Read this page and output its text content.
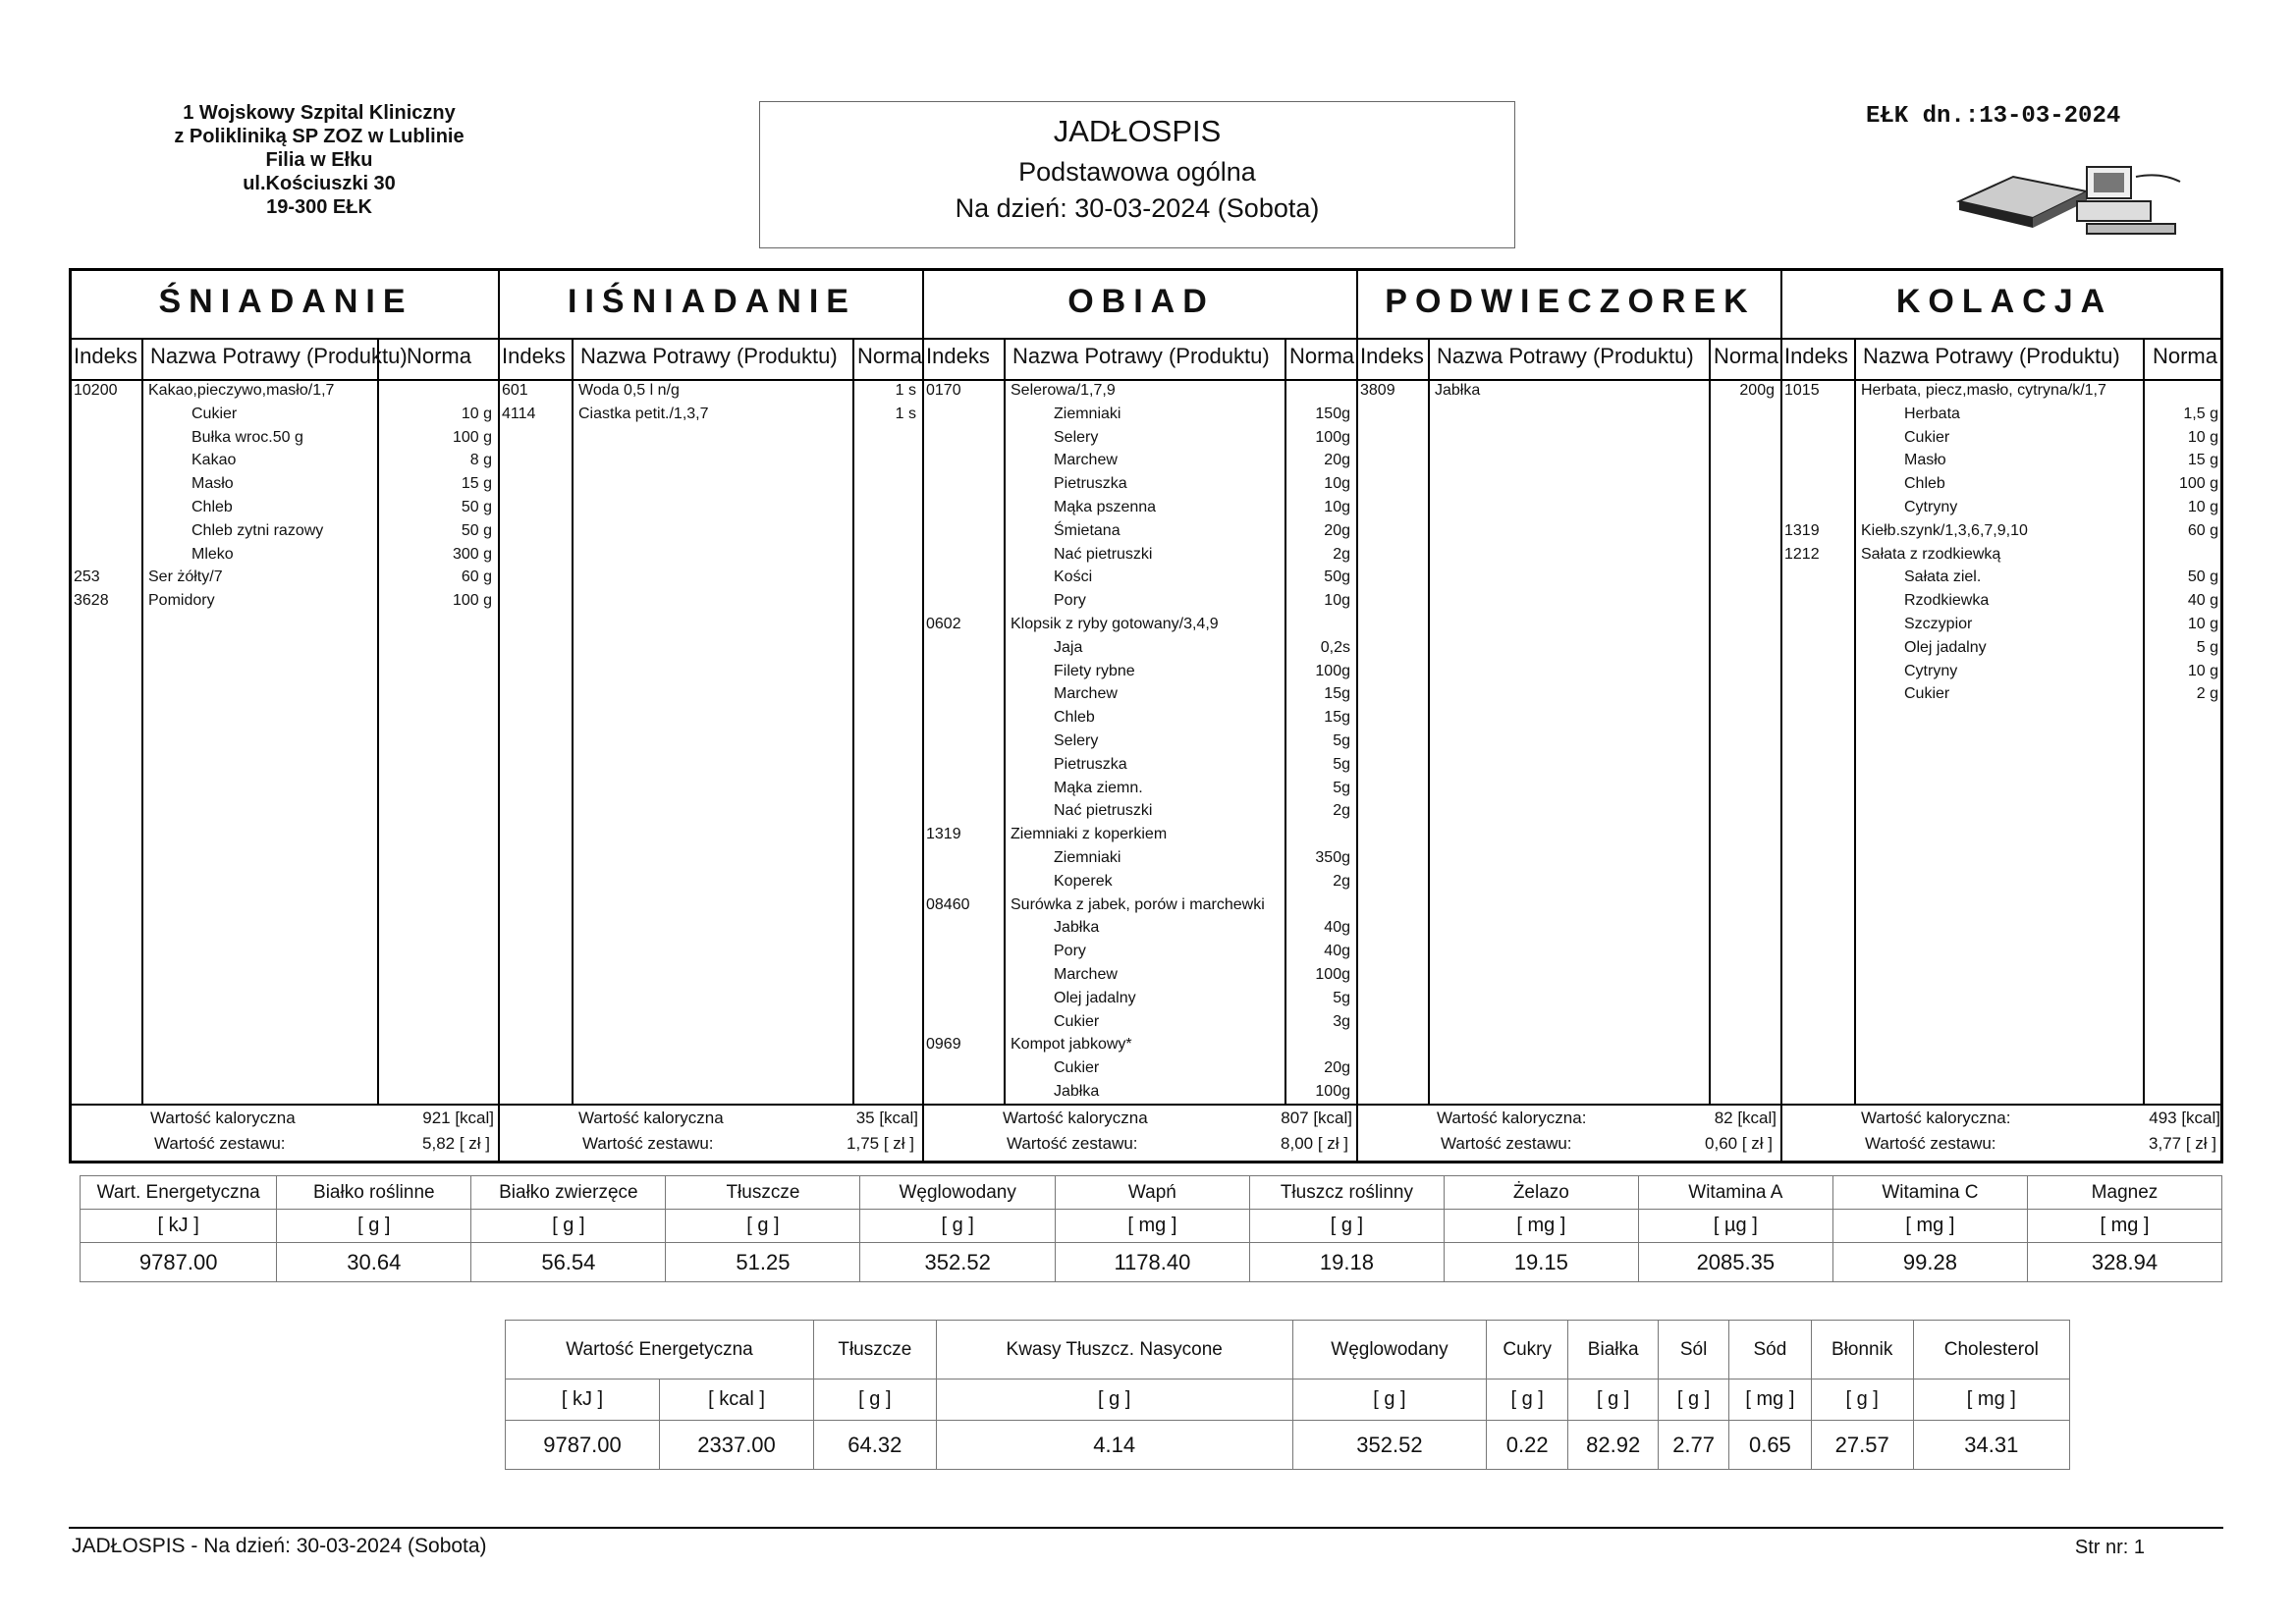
1 Wojskowy Szpital Kliniczny
z Polikliniką SP ZOZ w Lublinie
Filia w Ełku
ul.Kościuszki 30
19-300 EŁK
JADŁOSPIS
Podstawowa ogólna
Na dzień: 30-03-2024 (Sobota)
EŁK dn.:13-03-2024
ŚNIADANIE
Indeks Nazwa Potrawy (Produktu) Norma
10200 Kakao,pieczywo,masło/1,7
Cukier	10 g
Bułka wroc.50 g	100 g
Kakao	8 g
Masło	15 g
Chleb	50 g
Chleb zytni razowy	50 g
Mleko	300 g
253	Ser żółty/7	60 g
3628	Pomidory	100 g
Wartość kaloryczna	921 [kcal]
Wartość zestawu:	5,82 [ zł ]
IIŚNIADANIE
Indeks Nazwa Potrawy (Produktu) Norma
601	Woda 0,5 l n/g	1 s
4114	Ciastka petit./1,3,7	1 s
Wartość kaloryczna	35 [kcal]
Wartość zestawu:	1,75 [ zł ]
OBIAD
Indeks Nazwa Potrawy (Produktu) Norma
0170	Selerowa/1,7,9
Ziemniaki	150g
Selery	100g
Marchew	20g
Pietruszka	10g
Mąka pszenna	10g
Śmietana	20g
Nać pietruszki	2g
Kości	50g
Pory	10g
0602	Klopsik z ryby gotowany/3,4,9
Jaja	0,2s
Filety rybne	100g
Marchew	15g
Chleb	15g
Selery	5g
Pietruszka	5g
Mąka ziemn.	5g
Nać pietruszki	2g
1319	Ziemniaki z koperkiem
Ziemniaki	350g
Koperek	2g
08460	Surówka z jabek, porów i marchewki
Jabłka	40g
Pory	40g
Marchew	100g
Olej jadalny	5g
Cukier	3g
0969	Kompot jabkowy*
Cukier	20g
Jabłka	100g
Wartość kaloryczna	807 [kcal]
Wartość zestawu:	8,00 [ zł ]
PODWIECZOREK
Indeks Nazwa Potrawy (Produktu) Norma
3809	Jabłka	200g
Wartość kaloryczna:	82 [kcal]
Wartość zestawu:	0,60 [ zł ]
KOLACJA
Indeks Nazwa Potrawy (Produktu) Norma
1015	Herbata, piecz,masło, cytryna/k/1,7
Herbata	1,5 g
Cukier	10 g
Masło	15 g
Chleb	100 g
Cytryny	10 g
1319	Kiełb.szynk/1,3,6,7,9,10	60 g
1212	Sałata z rzodkiewką
Sałata ziel.	50 g
Rzodkiewka	40 g
Szczypior	10 g
Olej jadalny	5 g
Cytryny	10 g
Cukier	2 g
Wartość kaloryczna:	493 [kcal]
Wartość zestawu:	3,77 [ zł ]
Wart. Energetyczna	Białko roślinne	Białko zwierzęce	Tłuszcze	Węglowodany	Wapń	Tłuszcz roślinny	Żelazo	Witamina A	Witamina C	Magnez
[ kJ ]	[ g ]	[ g ]	[ g ]	[ g ]	[ mg ]	[ g ]	[ mg ]	[ µg ]	[ mg ]	[ mg ]
9787.00	30.64	56.54	51.25	352.52	1178.40	19.18	19.15	2085.35	99.28	328.94
Wartość Energetyczna		Tłuszcze	Kwasy Tłuszcz. Nasycone	Węglowodany	Cukry	Białka	Sól	Sód	Błonnik	Cholesterol
[ kJ ]	[ kcal ]	[ g ]	[ g ]	[ g ]	[ g ]	[ g ]	[ g ]	[ mg ]	[ g ]	[ mg ]
9787.00	2337.00	64.32	4.14	352.52	0.22	82.92	2.77	0.65	27.57	34.31
JADŁOSPIS - Na dzień: 30-03-2024 (Sobota)	Str nr: 1
